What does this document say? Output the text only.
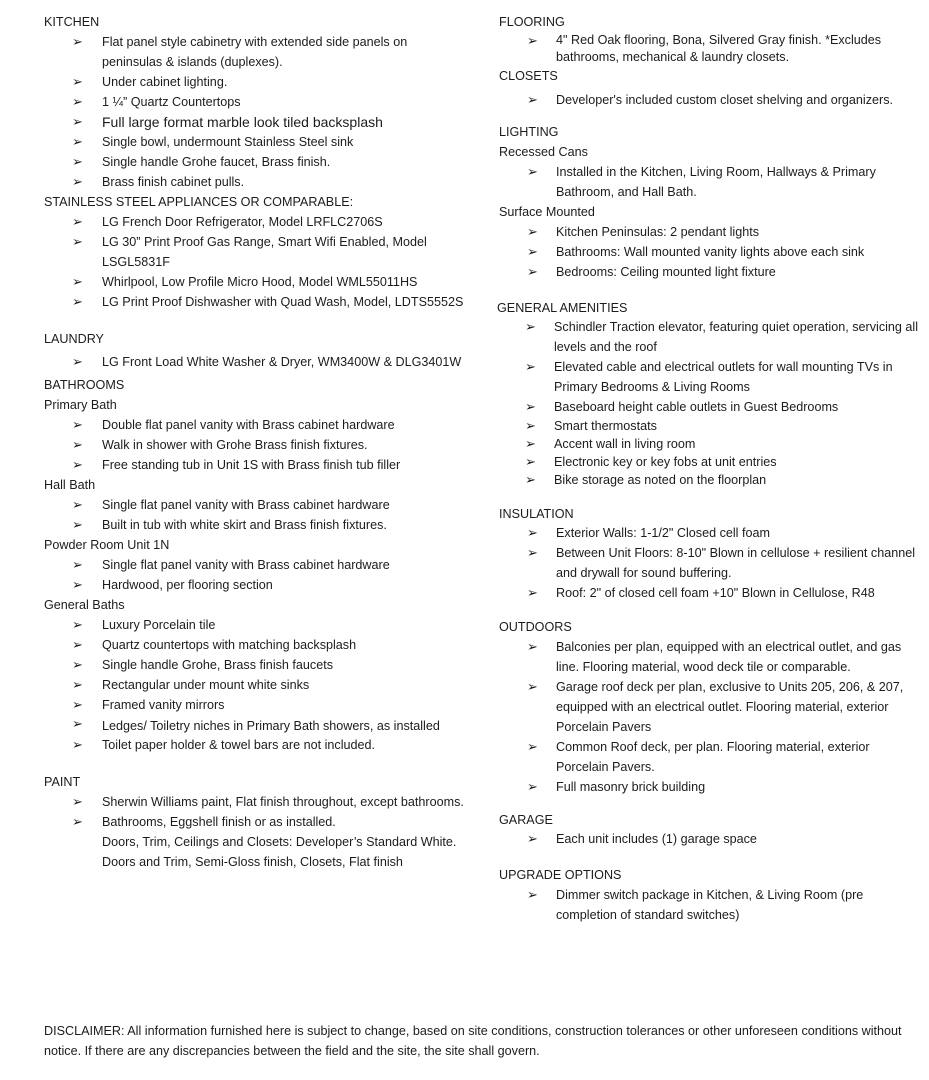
KITCHEN

➢ Flat panel style cabinetry with extended side panels on peninsulas & islands (duplexes).
➢ Under cabinet lighting.
➢ 1 ¼” Quartz Countertops
➢ Full large format marble look tiled backsplash
➢ Single bowl, undermount Stainless Steel sink
➢ Single handle Grohe faucet, Brass finish.
➢ Brass finish cabinet pulls.

STAINLESS STEEL APPLIANCES OR COMPARABLE:

➢ LG French Door Refrigerator, Model LRFLC2706S
➢ LG 30” Print Proof Gas Range, Smart Wifi Enabled, Model LSGL5831F
➢ Whirlpool, Low Profile Micro Hood, Model WML55011HS
➢ LG Print Proof Dishwasher with Quad Wash, Model, LDTS5552S

LAUNDRY

➢ LG Front Load White Washer & Dryer, WM3400W & DLG3401W

BATHROOMS

Primary Bath

➢ Double flat panel vanity with Brass cabinet hardware
➢ Walk in shower with Grohe Brass finish fixtures.
➢ Free standing tub in Unit 1S with Brass finish tub filler

Hall Bath

➢ Single flat panel vanity with Brass cabinet hardware
➢ Built in tub with white skirt and Brass finish fixtures.

Powder Room Unit 1N

➢ Single flat panel vanity with Brass cabinet hardware
➢ Hardwood, per flooring section

General Baths

➢ Luxury Porcelain tile
➢ Quartz countertops with matching backsplash
➢ Single handle Grohe, Brass finish faucets
➢ Rectangular under mount white sinks
➢ Framed vanity mirrors
➢ Ledges/ Toiletry niches in Primary Bath showers, as installed
➢ Toilet paper holder & towel bars are not included.

PAINT

➢ Sherwin Williams paint, Flat finish throughout, except bathrooms.
➢ Bathrooms, Eggshell finish or as installed.

Doors, Trim, Ceilings and Closets: Developer’s Standard White. Doors and Trim, Semi-Gloss finish, Closets, Flat finish

FLOORING

➢ 4" Red Oak flooring, Bona, Silvered Gray finish. *Excludes bathrooms, mechanical & laundry closets.

CLOSETS

➢ Developer's included custom closet shelving and organizers.

LIGHTING

Recessed Cans

➢ Installed in the Kitchen, Living Room, Hallways & Primary Bathroom, and Hall Bath.

Surface Mounted

➢ Kitchen Peninsulas: 2 pendant lights
➢ Bathrooms: Wall mounted vanity lights above each sink
➢ Bedrooms: Ceiling mounted light fixture

GENERAL AMENITIES

➢ Schindler Traction elevator, featuring quiet operation, servicing all levels and the roof
➢ Elevated cable and electrical outlets for wall mounting TVs in Primary Bedrooms & Living Rooms
➢ Baseboard height cable outlets in Guest Bedrooms
➢ Smart thermostats
➢ Accent wall in living room
➢ Electronic key or key fobs at unit entries
➢ Bike storage as noted on the floorplan

INSULATION

➢ Exterior Walls: 1-1/2" Closed cell foam
➢ Between Unit Floors: 8-10" Blown in cellulose + resilient channel and drywall for sound buffering.
➢ Roof: 2" of closed cell foam +10" Blown in Cellulose, R48

OUTDOORS

➢ Balconies per plan, equipped with an electrical outlet, and gas line. Flooring material, wood deck tile or comparable.
➢ Garage roof deck per plan, exclusive to Units 205, 206, & 207, equipped with an electrical outlet. Flooring material, exterior Porcelain Pavers
➢ Common Roof deck, per plan. Flooring material, exterior Porcelain Pavers.
➢ Full masonry brick building

GARAGE

➢ Each unit includes (1) garage space

UPGRADE OPTIONS

➢ Dimmer switch package in Kitchen, & Living Room (pre completion of standard switches)

DISCLAIMER: All information furnished here is subject to change, based on site conditions, construction tolerances or other unforeseen conditions without notice. If there are any discrepancies between the field and the site, the site shall govern.
